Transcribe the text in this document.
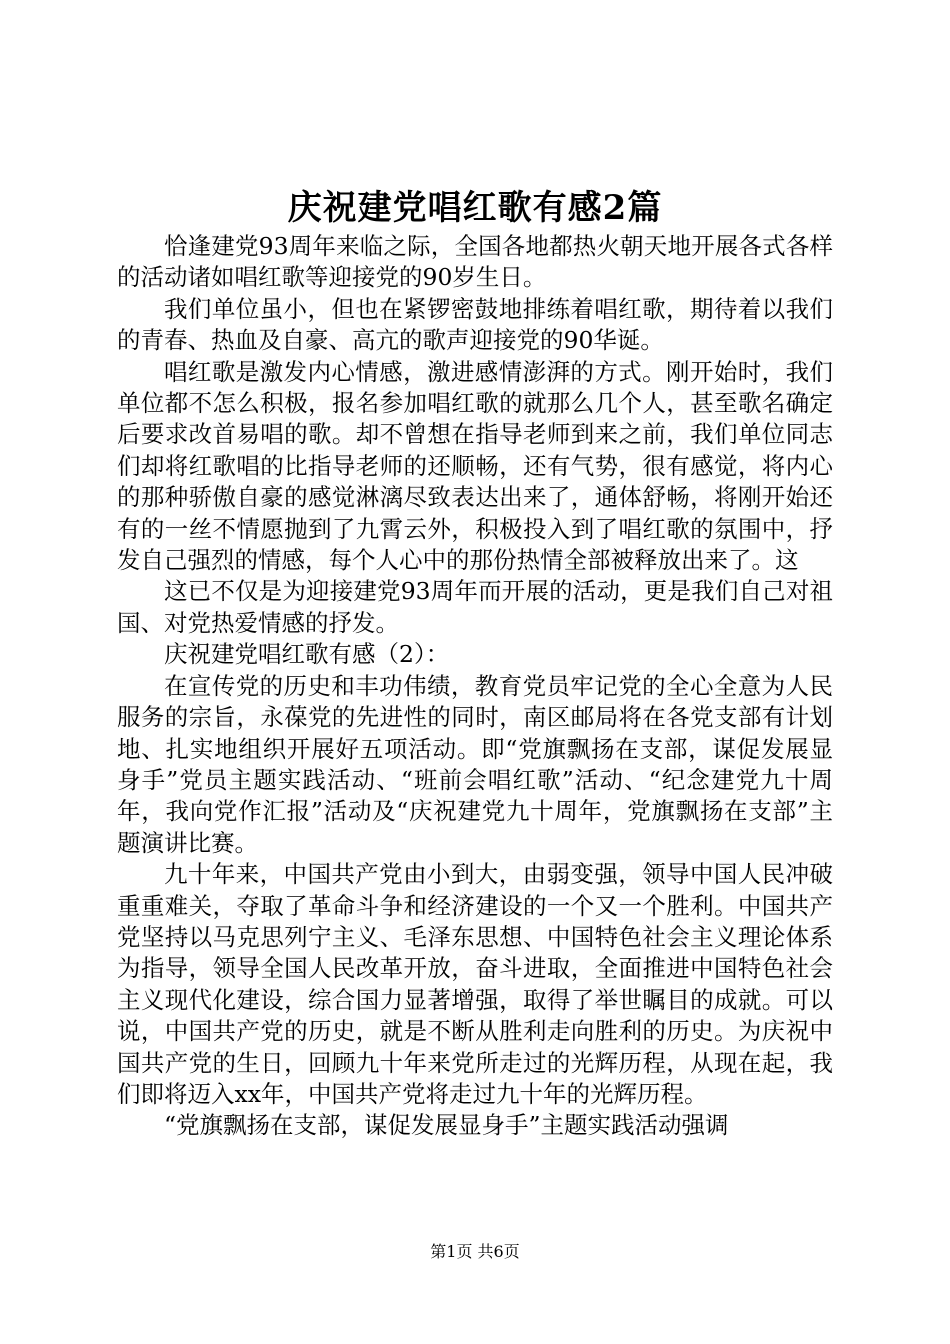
庆祝建党唱红歌有感2篇

恰逢建党93周年来临之际，全国各地都热火朝天地开展各式各样的活动诸如唱红歌等迎接党的90岁生日。

我们单位虽小，但也在紧锣密鼓地排练着唱红歌，期待着以我们的青春、热血及自豪、高亢的歌声迎接党的90华诞。

唱红歌是激发内心情感，激进感情澎湃的方式。刚开始时，我们单位都不怎么积极，报名参加唱红歌的就那么几个人，甚至歌名确定后要求改首易唱的歌。却不曾想在指导老师到来之前，我们单位同志们却将红歌唱的比指导老师的还顺畅，还有气势，很有感觉，将内心的那种骄傲自豪的感觉淋漓尽致表达出来了，通体舒畅，将刚开始还有的一丝不情愿抛到了九霄云外，积极投入到了唱红歌的氛围中，抒发自己强烈的情感，每个人心中的那份热情全部被释放出来了。这

这已不仅是为迎接建党93周年而开展的活动，更是我们自己对祖国、对党热爱情感的抒发。

庆祝建党唱红歌有感（2）：

在宣传党的历史和丰功伟绩，教育党员牢记党的全心全意为人民服务的宗旨，永葆党的先进性的同时，南区邮局将在各党支部有计划地、扎实地组织开展好五项活动。即“党旗飘扬在支部，谋促发展显身手”党员主题实践活动、“班前会唱红歌”活动、“纪念建党九十周年，我向党作汇报”活动及“庆祝建党九十周年，党旗飘扬在支部”主题演讲比赛。

九十年来，中国共产党由小到大，由弱变强，领导中国人民冲破重重难关，夺取了革命斗争和经济建设的一个又一个胜利。中国共产党坚持以马克思列宁主义、毛泽东思想、中国特色社会主义理论体系为指导，领导全国人民改革开放，奋斗进取，全面推进中国特色社会主义现代化建设，综合国力显著增强，取得了举世瞩目的成就。可以说，中国共产党的历史，就是不断从胜利走向胜利的历史。为庆祝中国共产党的生日，回顾九十年来党所走过的光辉历程，从现在起，我们即将迈入xx年，中国共产党将走过九十年的光辉历程。

“党旗飘扬在支部，谋促发展显身手”主题实践活动强调

第1页 共6页
